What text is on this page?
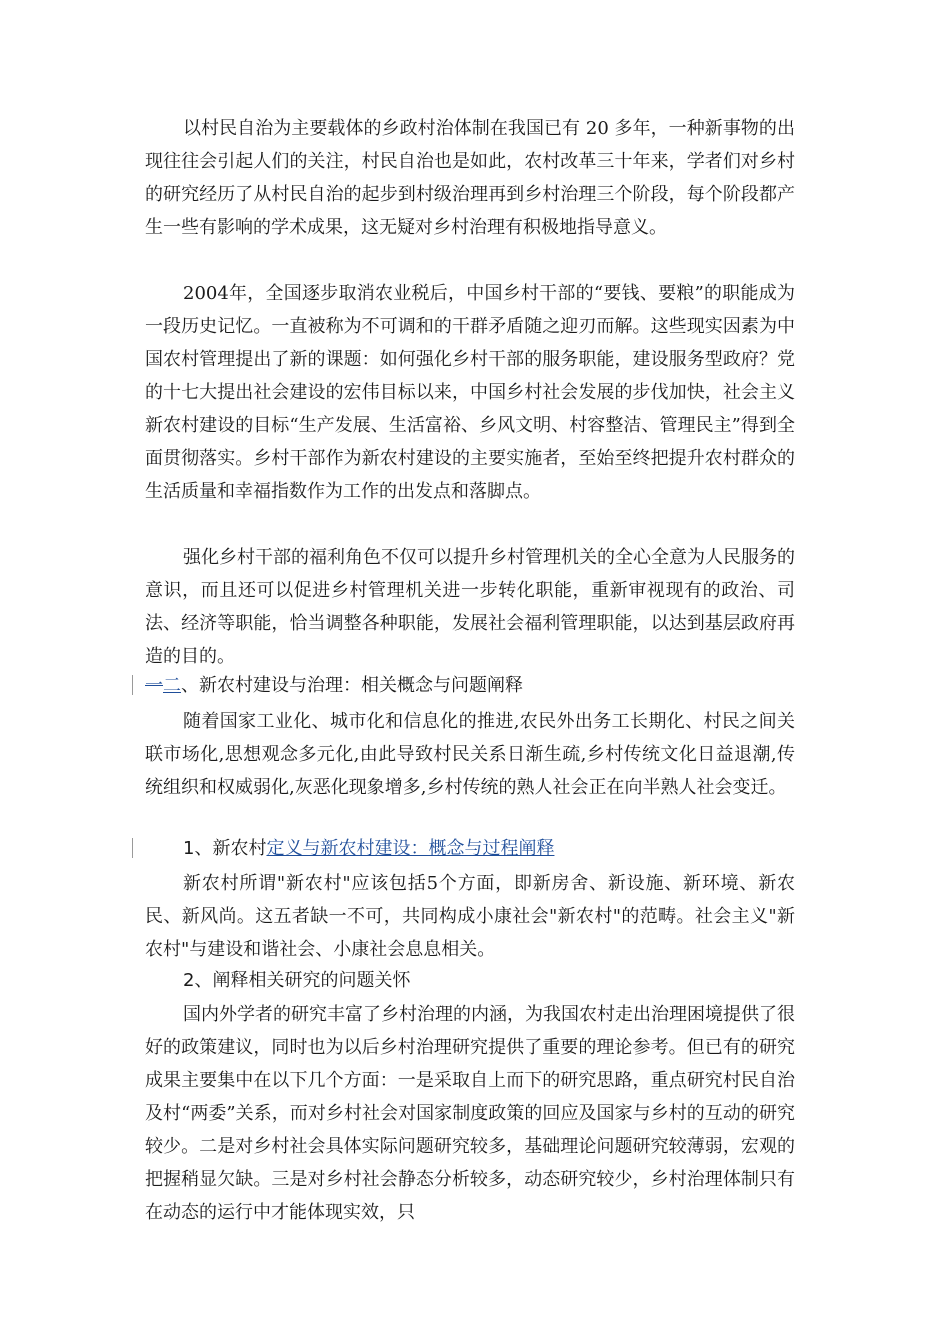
以村民自治为主要载体的乡政村治体制在我国已有 20 多年，一种新事物的出现往往会引起人们的关注，村民自治也是如此，农村改革三十年来，学者们对乡村的研究经历了从村民自治的起步到村级治理再到乡村治理三个阶段，每个阶段都产生一些有影响的学术成果，这无疑对乡村治理有积极地指导意义。

2004年，全国逐步取消农业税后，中国乡村干部的“要钱、要粮”的职能成为一段历史记忆。一直被称为不可调和的干群矛盾随之迎刃而解。这些现实因素为中国农村管理提出了新的课题：如何强化乡村干部的服务职能，建设服务型政府？党的十七大提出社会建设的宏伟目标以来，中国乡村社会发展的步伐加快，社会主义新农村建设的目标“生产发展、生活富裕、乡风文明、村容整洁、管理民主”得到全面贯彻落实。乡村干部作为新农村建设的主要实施者，至始至终把提升农村群众的生活质量和幸福指数作为工作的出发点和落脚点。

强化乡村干部的福利角色不仅可以提升乡村管理机关的全心全意为人民服务的意识，而且还可以促进乡村管理机关进一步转化职能，重新审视现有的政治、司法、经济等职能，恰当调整各种职能，发展社会福利管理职能，以达到基层政府再造的目的。

一二、新农村建设与治理：相关概念与问题阐释

随着国家工业化、城市化和信息化的推进,农民外出务工长期化、村民之间关联市场化,思想观念多元化,由此导致村民关系日渐生疏,乡村传统文化日益退潮,传统组织和权威弱化,灰恶化现象增多,乡村传统的熟人社会正在向半熟人社会变迁。

1、新农村定义与新农村建设：概念与过程阐释

新农村所谓"新农村"应该包括5个方面，即新房舍、新设施、新环境、新农民、新风尚。这五者缺一不可，共同构成小康社会"新农村"的范畴。社会主义"新农村"与建设和谐社会、小康社会息息相关。

2、阐释相关研究的问题关怀

国内外学者的研究丰富了乡村治理的内涵，为我国农村走出治理困境提供了很好的政策建议，同时也为以后乡村治理研究提供了重要的理论参考。但已有的研究成果主要集中在以下几个方面：一是采取自上而下的研究思路，重点研究村民自治及村“两委”关系，而对乡村社会对国家制度政策的回应及国家与乡村的互动的研究较少。二是对乡村社会具体实际问题研究较多，基础理论问题研究较薄弱，宏观的把握稍显欠缺。三是对乡村社会静态分析较多，动态研究较少，乡村治理体制只有在动态的运行中才能体现实效，只
